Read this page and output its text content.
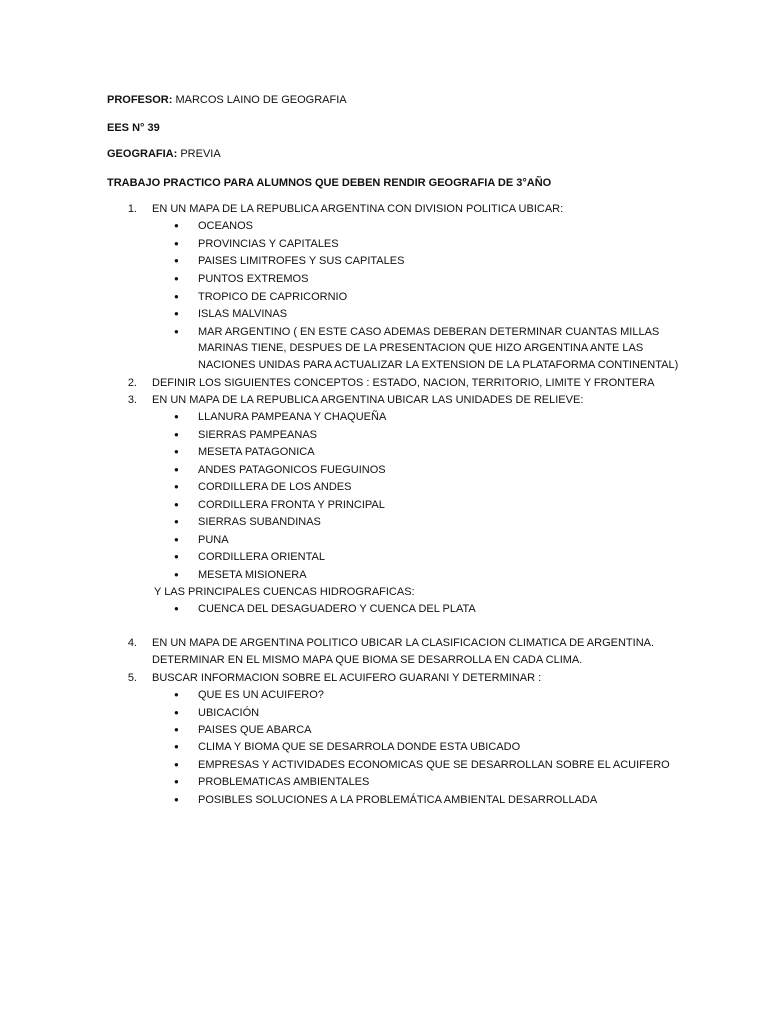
PROFESOR: MARCOS LAINO DE GEOGRAFIA
EES N° 39
GEOGRAFIA: PREVIA
TRABAJO PRACTICO PARA ALUMNOS QUE DEBEN RENDIR GEOGRAFIA DE 3°AÑO
1. EN UN MAPA DE LA REPUBLICA ARGENTINA CON DIVISION POLITICA UBICAR:
● OCEANOS
● PROVINCIAS Y CAPITALES
● PAISES LIMITROFES Y SUS CAPITALES
● PUNTOS EXTREMOS
● TROPICO DE CAPRICORNIO
● ISLAS MALVINAS
● MAR ARGENTINO ( EN ESTE CASO ADEMAS DEBERAN DETERMINAR CUANTAS MILLAS
MARINAS TIENE, DESPUES DE LA PRESENTACION QUE HIZO ARGENTINA ANTE LAS
NACIONES UNIDAS PARA ACTUALIZAR LA EXTENSION DE LA PLATAFORMA CONTINENTAL)
2. DEFINIR LOS SIGUIENTES CONCEPTOS : ESTADO, NACION, TERRITORIO, LIMITE Y FRONTERA
3. EN UN MAPA DE LA REPUBLICA ARGENTINA UBICAR LAS UNIDADES DE RELIEVE:
● LLANURA PAMPEANA Y CHAQUEÑA
● SIERRAS PAMPEANAS
● MESETA PATAGONICA
● ANDES PATAGONICOS FUEGUINOS
● CORDILLERA DE LOS ANDES
● CORDILLERA FRONTA Y PRINCIPAL
● SIERRAS SUBANDINAS
● PUNA
● CORDILLERA ORIENTAL
● MESETA MISIONERA
Y LAS PRINCIPALES CUENCAS HIDROGRAFICAS:
● CUENCA DEL DESAGUADERO Y CUENCA DEL PLATA
4. EN UN MAPA DE ARGENTINA POLITICO UBICAR LA CLASIFICACION CLIMATICA DE ARGENTINA.
DETERMINAR EN EL MISMO MAPA QUE BIOMA SE DESARROLLA EN CADA CLIMA.
5. BUSCAR INFORMACION SOBRE EL ACUIFERO GUARANI Y DETERMINAR :
● QUE ES UN ACUIFERO?
● UBICACIÓN
● PAISES QUE ABARCA
● CLIMA Y BIOMA QUE SE DESARROLA DONDE ESTA UBICADO
● EMPRESAS Y ACTIVIDADES ECONOMICAS QUE SE DESARROLLAN SOBRE EL ACUIFERO
● PROBLEMATICAS AMBIENTALES
● POSIBLES SOLUCIONES A LA PROBLEMÁTICA AMBIENTAL DESARROLLADA
